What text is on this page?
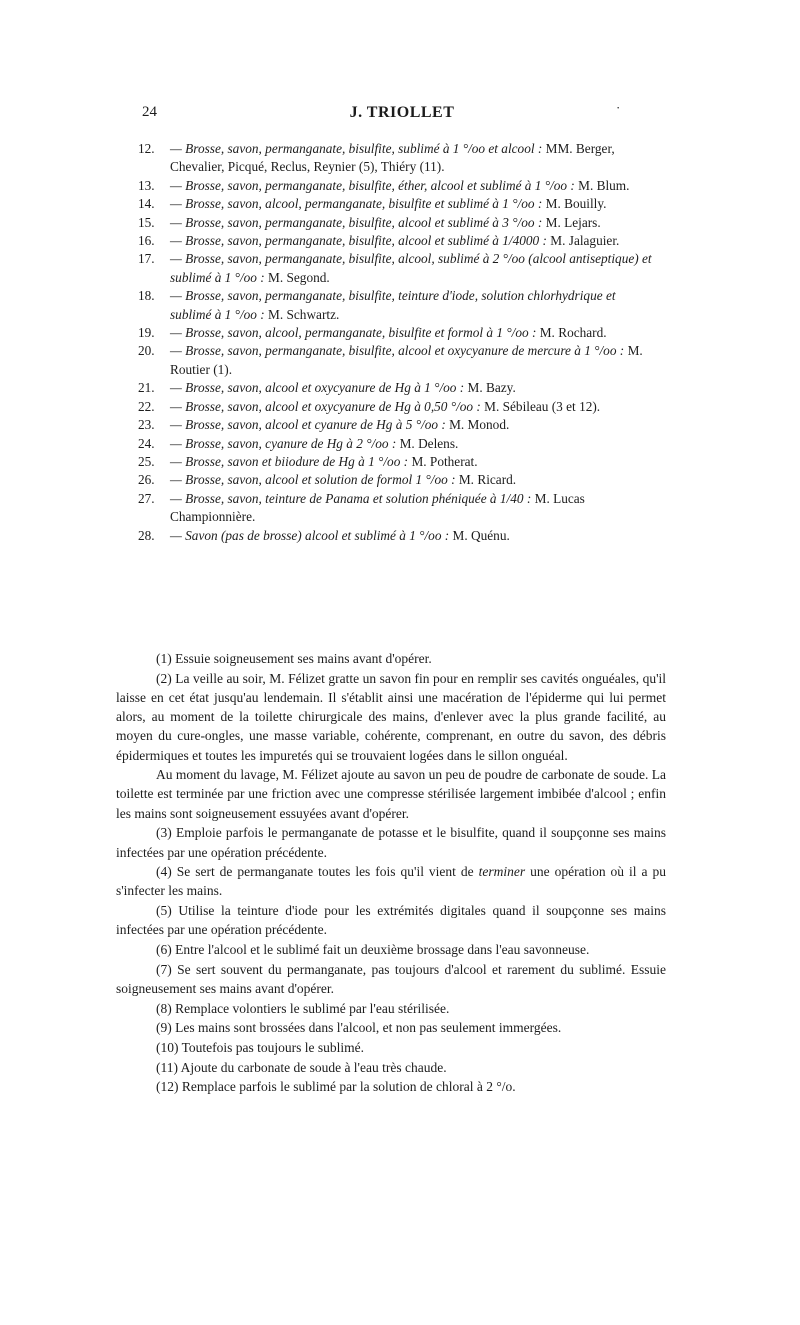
24	J. TRIOLLET	·
12.	— Brosse, savon, permanganate, bisulfite, sublimé à 1 °/oo et alcool : MM. Berger, Chevalier, Picqué, Reclus, Reynier (5), Thiéry (11).
13.	— Brosse, savon, permanganate, bisulfite, éther, alcool et sublimé à 1 °/oo : M. Blum.
14.	— Brosse, savon, alcool, permanganate, bisulfite et sublimé à 1 °/oo : M. Bouilly.
15.	— Brosse, savon, permanganate, bisulfite, alcool et sublimé à 3 °/oo : M. Lejars.
16.	— Brosse, savon, permanganate, bisulfite, alcool et sublimé à 1/4000 : M. Jalaguier.
17.	— Brosse, savon, permanganate, bisulfite, alcool, sublimé à 2 °/oo (alcool antiseptique) et sublimé à 1 °/oo : M. Segond.
18.	— Brosse, savon, permanganate, bisulfite, teinture d'iode, solution chlorhydrique et sublimé à 1 °/oo : M. Schwartz.
19.	— Brosse, savon, alcool, permanganate, bisulfite et formol à 1 °/oo : M. Rochard.
20.	— Brosse, savon, permanganate, bisulfite, alcool et oxycyanure de mercure à 1 °/oo : M. Routier (1).
21.	— Brosse, savon, alcool et oxycyanure de Hg à 1 °/oo : M. Bazy.
22.	— Brosse, savon, alcool et oxycyanure de Hg à 0,50 °/oo : M. Sébileau (3 et 12).
23.	— Brosse, savon, alcool et cyanure de Hg à 5 °/oo : M. Monod.
24.	— Brosse, savon, cyanure de Hg à 2 °/oo : M. Delens.
25.	— Brosse, savon et biiodure de Hg à 1 °/oo : M. Potherat.
26.	— Brosse, savon, alcool et solution de formol 1 °/oo : M. Ricard.
27.	— Brosse, savon, teinture de Panama et solution phéniquée à 1/40 : M. Lucas Championnière.
28.	— Savon (pas de brosse) alcool et sublimé à 1 °/oo : M. Quénu.

(1) Essuie soigneusement ses mains avant d'opérer.

(2) La veille au soir, M. Félizet gratte un savon fin pour en remplir ses cavités onguéales, qu'il laisse en cet état jusqu'au lendemain. Il s'établit ainsi une macération de l'épiderme qui lui permet alors, au moment de la toilette chirurgicale des mains, d'enlever avec la plus grande facilité, au moyen du cure-ongles, une masse variable, cohérente, comprenant, en outre du savon, des débris épidermiques et toutes les impuretés qui se trouvaient logées dans le sillon onguéal.

Au moment du lavage, M. Félizet ajoute au savon un peu de poudre de carbonate de soude. La toilette est terminée par une friction avec une compresse stérilisée largement imbibée d'alcool ; enfin les mains sont soigneusement essuyées avant d'opérer.

(3) Emploie parfois le permanganate de potasse et le bisulfite, quand il soupçonne ses mains infectées par une opération précédente.

(4) Se sert de permanganate toutes les fois qu'il vient de terminer une opération où il a pu s'infecter les mains.

(5) Utilise la teinture d'iode pour les extrémités digitales quand il soupçonne ses mains infectées par une opération précédente.

(6) Entre l'alcool et le sublimé fait un deuxième brossage dans l'eau savonneuse.

(7) Se sert souvent du permanganate, pas toujours d'alcool et rarement du sublimé. Essuie soigneusement ses mains avant d'opérer.

(8) Remplace volontiers le sublimé par l'eau stérilisée.

(9) Les mains sont brossées dans l'alcool, et non pas seulement immergées.

(10) Toutefois pas toujours le sublimé.

(11) Ajoute du carbonate de soude à l'eau très chaude.

(12) Remplace parfois le sublimé par la solution de chloral à 2 °/o.
